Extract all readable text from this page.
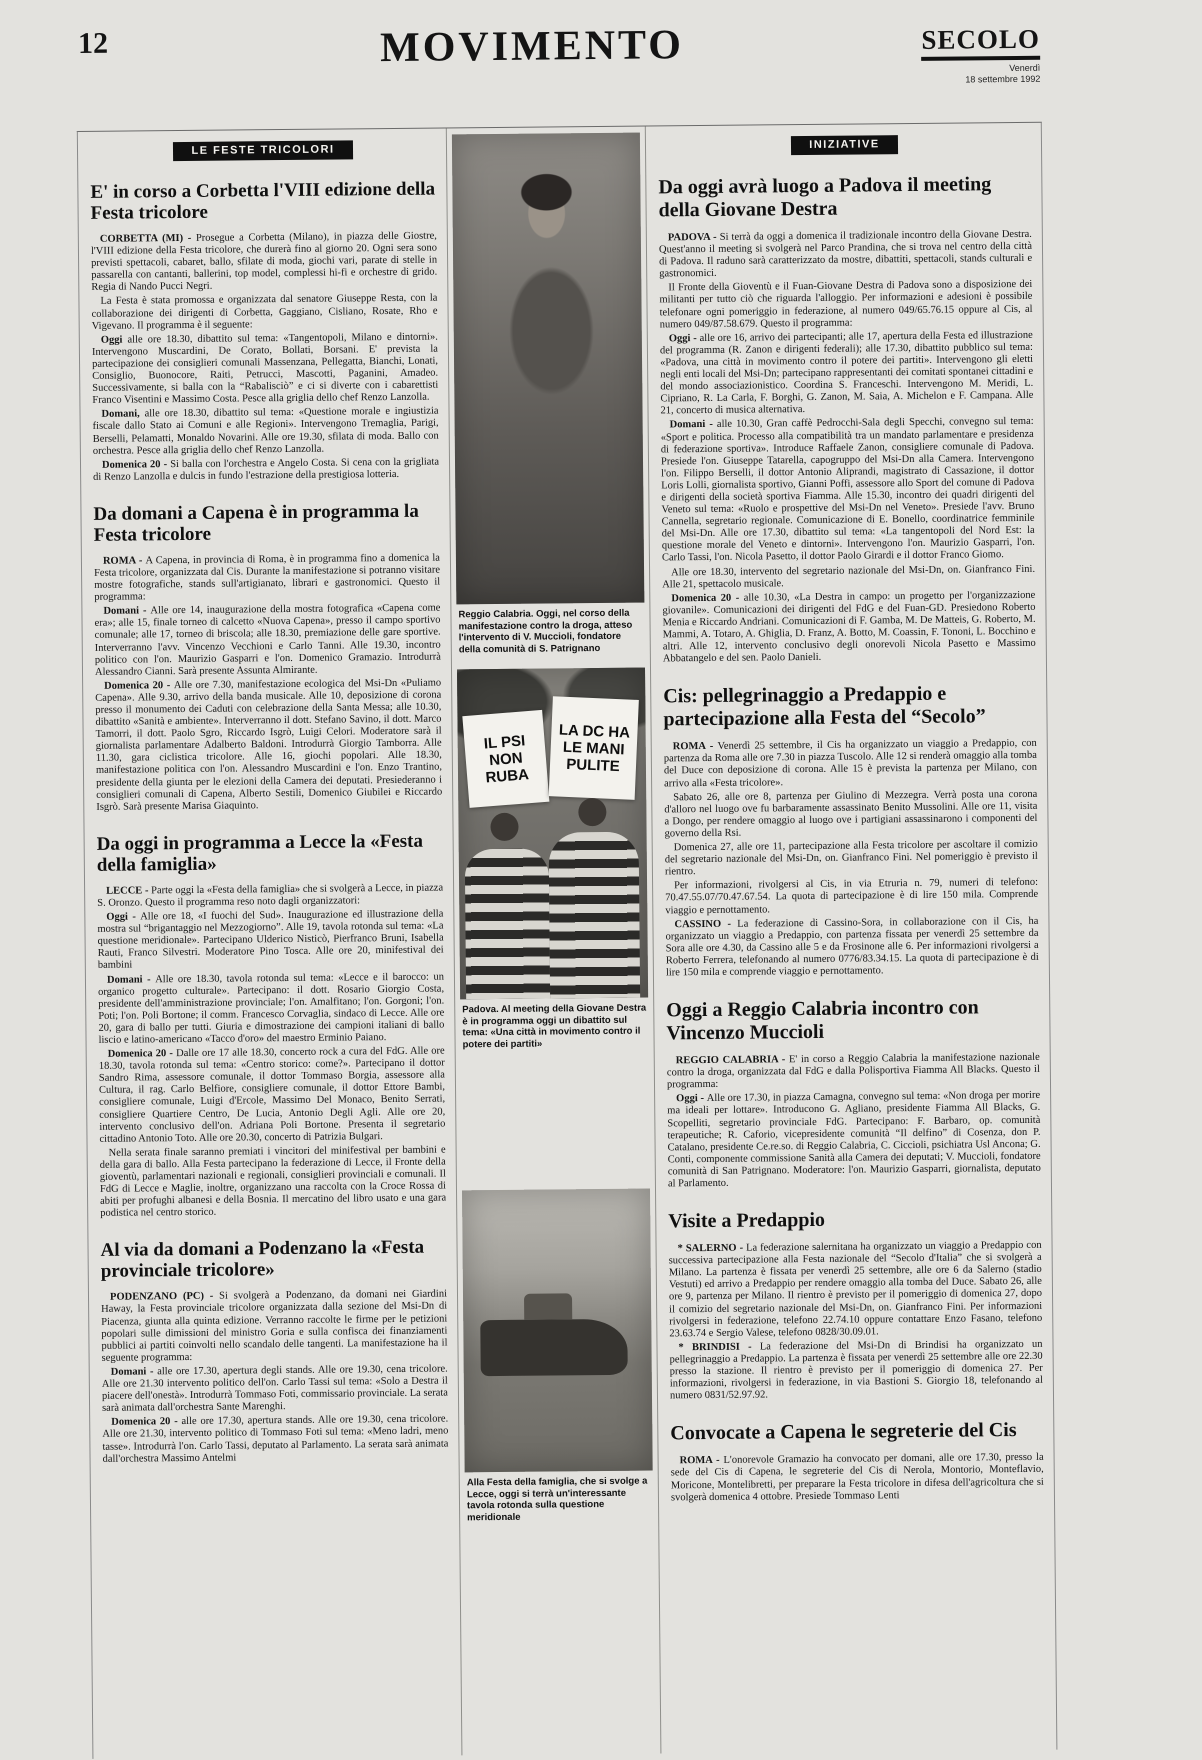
12	MOVIMENTO	SECOLO
Venerdì
18 settembre 1992
LE FESTE TRICOLORI
E' in corso a Corbetta l'VIII edizione della Festa tricolore

CORBETTA (MI) - Prosegue a Corbetta (Milano), in piazza delle Giostre, l'VIII edizione della Festa tricolore, che durerà fino al giorno 20. Ogni sera sono previsti spettacoli, cabaret, ballo, sfilate di moda, giochi vari, parate di stelle in passarella con cantanti, ballerini, top model, complessi hi-fi e orchestre di grido. Regia di Nando Pucci Negri.

La Festa è stata promossa e organizzata dal senatore Giuseppe Resta, con la collaborazione dei dirigenti di Corbetta, Gaggiano, Cisliano, Rosate, Rho e Vigevano. Il programma è il seguente:

Oggi alle ore 18.30, dibattito sul tema: «Tangentopoli, Milano e dintorni». Intervengono Muscardini, De Corato, Bollati, Borsani. E' prevista la partecipazione dei consiglieri comunali Massenzana, Pellegatta, Bianchi, Lonati, Consiglio, Buonocore, Raiti, Petrucci, Mascotti, Paganini, Amadeo. Successivamente, si balla con la “Rabalisciò” e ci si diverte con i cabarettisti Franco Visentini e Massimo Costa. Pesce alla griglia dello chef Renzo Lanzolla.

Domani, alle ore 18.30, dibattito sul tema: «Questione morale e ingiustizia fiscale dallo Stato ai Comuni e alle Regioni». Intervengono Tremaglia, Parigi, Berselli, Pelamatti, Monaldo Novarini. Alle ore 19.30, sfilata di moda. Ballo con orchestra. Pesce alla griglia dello chef Renzo Lanzolla.

Domenica 20 - Si balla con l'orchestra e Angelo Costa. Si cena con la grigliata di Renzo Lanzolla e dulcis in fundo l'estrazione della prestigiosa lotteria.

Da domani a Capena è in programma la Festa tricolore

ROMA - A Capena, in provincia di Roma, è in programma fino a domenica la Festa tricolore, organizzata dal Cis. Durante la manifestazione si potranno visitare mostre fotografiche, stands sull'artigianato, librari e gastronomici. Questo il programma:

Domani - Alle ore 14, inaugurazione della mostra fotografica «Capena come era»; alle 15, finale torneo di calcetto «Nuova Capena», presso il campo sportivo comunale; alle 17, torneo di briscola; alle 18.30, premiazione delle gare sportive. Interverranno l'avv. Vincenzo Vecchioni e Carlo Tanni. Alle 19.30, incontro politico con l'on. Maurizio Gasparri e l'on. Domenico Gramazio. Introdurrà Alessandro Cianni. Sarà presente Assunta Almirante.

Domenica 20 - Alle ore 7.30, manifestazione ecologica del Msi-Dn «Puliamo Capena». Alle 9.30, arrivo della banda musicale. Alle 10, deposizione di corona presso il monumento dei Caduti con celebrazione della Santa Messa; alle 10.30, dibattito «Sanità e ambiente». Interverranno il dott. Stefano Savino, il dott. Marco Tamorri, il dott. Paolo Sgro, Riccardo Isgrò, Luigi Celori. Moderatore sarà il giornalista parlamentare Adalberto Baldoni. Introdurrà Giorgio Tamborra. Alle 11.30, gara ciclistica tricolore. Alle 16, giochi popolari. Alle 18.30, manifestazione politica con l'on. Alessandro Muscardini e l'on. Enzo Trantino, presidente della giunta per le elezioni della Camera dei deputati. Presiederanno i consiglieri comunali di Capena, Alberto Sestili, Domenico Giubilei e Riccardo Isgrò. Sarà presente Marisa Giaquinto.

Da oggi in programma a Lecce la «Festa della famiglia»

LECCE - Parte oggi la «Festa della famiglia» che si svolgerà a Lecce, in piazza S. Oronzo. Questo il programma reso noto dagli organizzatori:

Oggi - Alle ore 18, «I fuochi del Sud». Inaugurazione ed illustrazione della mostra sul “brigantaggio nel Mezzogiorno”. Alle 19, tavola rotonda sul tema: «La questione meridionale». Partecipano Ulderico Nisticò, Pierfranco Bruni, Isabella Rauti, Franco Silvestri. Moderatore Pino Tosca. Alle ore 20, minifestival dei bambini

Domani - Alle ore 18.30, tavola rotonda sul tema: «Lecce e il barocco: un organico progetto culturale». Partecipano: il dott. Rosario Giorgio Costa, presidente dell'amministrazione provinciale; l'on. Amalfitano; l'on. Gorgoni; l'on. Poti; l'on. Poli Bortone; il comm. Francesco Corvaglia, sindaco di Lecce. Alle ore 20, gara di ballo per tutti. Giuria e dimostrazione dei campioni italiani di ballo liscio e latino-americano «Tacco d'oro» del maestro Erminio Paiano.

Domenica 20 - Dalle ore 17 alle 18.30, concerto rock a cura del FdG. Alle ore 18.30, tavola rotonda sul tema: «Centro storico: come?». Partecipano il dottor Sandro Rima, assessore comunale, il dottor Tommaso Borgia, assessore alla Cultura, il rag. Carlo Belfiore, consigliere comunale, il dottor Ettore Bambi, consigliere comunale, Luigi d'Ercole, Massimo Del Monaco, Benito Serrati, consigliere Quartiere Centro, De Lucia, Antonio Degli Agli. Alle ore 20, intervento conclusivo dell'on. Adriana Poli Bortone. Presenta il segretario cittadino Antonio Toto. Alle ore 20.30, concerto di Patrizia Bulgari.

Nella serata finale saranno premiati i vincitori del minifestival per bambini e della gara di ballo. Alla Festa partecipano la federazione di Lecce, il Fronte della gioventù, parlamentari nazionali e regionali, consiglieri provinciali e comunali. Il FdG di Lecce e Maglie, inoltre, organizzano una raccolta con la Croce Rossa di abiti per profughi albanesi e della Bosnia. Il mercatino del libro usato e una gara podistica nel centro storico.

Al via da domani a Podenzano la «Festa provinciale tricolore»

PODENZANO (PC) - Si svolgerà a Podenzano, da domani nei Giardini Haway, la Festa provinciale tricolore organizzata dalla sezione del Msi-Dn di Piacenza, giunta alla quinta edizione. Verranno raccolte le firme per le petizioni popolari sulle dimissioni del ministro Goria e sulla confisca dei finanziamenti pubblici ai partiti coinvolti nello scandalo delle tangenti. La manifestazione ha il seguente programma:

Domani - alle ore 17.30, apertura degli stands. Alle ore 19.30, cena tricolore. Alle ore 21.30 intervento politico dell'on. Carlo Tassi sul tema: «Solo a Destra il piacere dell'onestà». Introdurrà Tommaso Foti, commissario provinciale. La serata sarà animata dall'orchestra Sante Marenghi.

Domenica 20 - alle ore 17.30, apertura stands. Alle ore 19.30, cena tricolore. Alle ore 21.30, intervento politico di Tommaso Foti sul tema: «Meno ladri, meno tasse». Introdurrà l'on. Carlo Tassi, deputato al Parlamento. La serata sarà animata dall'orchestra Massimo Antelmi

Reggio Calabria. Oggi, nel corso della manifestazione contro la droga, atteso l'intervento di V. Muccioli, fondatore della comunità di S. Patrignano
IL PSI NON RUBA
LA DC HA LE MANI PULITE
Padova. Al meeting della Giovane Destra è in programma oggi un dibattito sul tema: «Una città in movimento contro il potere dei partiti»
Alla Festa della famiglia, che si svolge a Lecce, oggi si terrà un'interessante tavola rotonda sulla questione meridionale
INIZIATIVE
Da oggi avrà luogo a Padova il meeting della Giovane Destra

PADOVA - Si terrà da oggi a domenica il tradizionale incontro della Giovane Destra. Quest'anno il meeting si svolgerà nel Parco Prandina, che si trova nel centro della città di Padova. Il raduno sarà caratterizzato da mostre, dibattiti, spettacoli, stands culturali e gastronomici.

Il Fronte della Gioventù e il Fuan-Giovane Destra di Padova sono a disposizione dei militanti per tutto ciò che riguarda l'alloggio. Per informazioni e adesioni è possibile telefonare ogni pomeriggio in federazione, al numero 049/65.76.15 oppure al Cis, al numero 049/87.58.679. Questo il programma:

Oggi - alle ore 16, arrivo dei partecipanti; alle 17, apertura della Festa ed illustrazione del programma (R. Zanon e dirigenti federali); alle 17.30, dibattito pubblico sul tema: «Padova, una città in movimento contro il potere dei partiti». Intervengono gli eletti negli enti locali del Msi-Dn; partecipano rappresentanti dei comitati spontanei cittadini e del mondo associazionistico. Coordina S. Franceschi. Intervengono M. Meridi, L. Cipriano, R. La Carla, F. Borghi, G. Zanon, M. Saia, A. Michelon e F. Campana. Alle 21, concerto di musica alternativa.

Domani - alle 10.30, Gran caffè Pedrocchi-Sala degli Specchi, convegno sul tema: «Sport e politica. Processo alla compatibilità tra un mandato parlamentare e presidenza di federazione sportiva». Introduce Raffaele Zanon, consigliere comunale di Padova. Presiede l'on. Giuseppe Tatarella, capogruppo del Msi-Dn alla Camera. Intervengono l'on. Filippo Berselli, il dottor Antonio Aliprandi, magistrato di Cassazione, il dottor Loris Lolli, giornalista sportivo, Gianni Poffi, assessore allo Sport del comune di Padova e dirigenti della società sportiva Fiamma. Alle 15.30, incontro dei quadri dirigenti del Veneto sul tema: «Ruolo e prospettive del Msi-Dn nel Veneto». Presiede l'avv. Bruno Cannella, segretario regionale. Comunicazione di E. Bonello, coordinatrice femminile del Msi-Dn. Alle ore 17.30, dibattito sul tema: «La tangentopoli del Nord Est: la questione morale del Veneto e dintorni». Intervengono l'on. Maurizio Gasparri, l'on. Carlo Tassi, l'on. Nicola Pasetto, il dottor Paolo Girardi e il dottor Franco Giomo.

Alle ore 18.30, intervento del segretario nazionale del Msi-Dn, on. Gianfranco Fini. Alle 21, spettacolo musicale.

Domenica 20 - alle 10.30, «La Destra in campo: un progetto per l'organizzazione giovanile». Comunicazioni dei dirigenti del FdG e del Fuan-GD. Presiedono Roberto Menia e Riccardo Andriani. Comunicazioni di F. Gamba, M. De Matteis, G. Roberto, M. Mammi, A. Totaro, A. Ghiglia, D. Franz, A. Botto, M. Coassin, F. Tononi, L. Bocchino e altri. Alle 12, intervento conclusivo degli onorevoli Nicola Pasetto e Massimo Abbatangelo e del sen. Paolo Danieli.

Cis: pellegrinaggio a Predappio e partecipazione alla Festa del “Secolo”

ROMA - Venerdì 25 settembre, il Cis ha organizzato un viaggio a Predappio, con partenza da Roma alle ore 7.30 in piazza Tuscolo. Alle 12 si renderà omaggio alla tomba del Duce con deposizione di corona. Alle 15 è prevista la partenza per Milano, con arrivo alla «Festa tricolore».

Sabato 26, alle ore 8, partenza per Giulino di Mezzegra. Verrà posta una corona d'alloro nel luogo ove fu barbaramente assassinato Benito Mussolini. Alle ore 11, visita a Dongo, per rendere omaggio al luogo ove i partigiani assassinarono i componenti del governo della Rsi.

Domenica 27, alle ore 11, partecipazione alla Festa tricolore per ascoltare il comizio del segretario nazionale del Msi-Dn, on. Gianfranco Fini. Nel pomeriggio è previsto il rientro.

Per informazioni, rivolgersi al Cis, in via Etruria n. 79, numeri di telefono: 70.47.55.07/70.47.67.54. La quota di partecipazione è di lire 150 mila. Comprende viaggio e pernottamento.

CASSINO - La federazione di Cassino-Sora, in collaborazione con il Cis, ha organizzato un viaggio a Predappio, con partenza fissata per venerdì 25 settembre da Sora alle ore 4.30, da Cassino alle 5 e da Frosinone alle 6. Per informazioni rivolgersi a Roberto Ferrera, telefonando al numero 0776/83.34.15. La quota di partecipazione è di lire 150 mila e comprende viaggio e pernottamento.

Oggi a Reggio Calabria incontro con Vincenzo Muccioli

REGGIO CALABRIA - E' in corso a Reggio Calabria la manifestazione nazionale contro la droga, organizzata dal FdG e dalla Polisportiva Fiamma All Blacks. Questo il programma:

Oggi - Alle ore 17.30, in piazza Camagna, convegno sul tema: «Non droga per morire ma ideali per lottare». Introducono G. Agliano, presidente Fiamma All Blacks, G. Scopelliti, segretario provinciale FdG. Partecipano: F. Barbaro, op. comunità terapeutiche; R. Caforio, vicepresidente comunità “Il delfino” di Cosenza, don P. Catalano, presidente Ce.re.so. di Reggio Calabria, C. Ciccioli, psichiatra Usl Ancona; G. Conti, componente commissione Sanità alla Camera dei deputati; V. Muccioli, fondatore comunità di San Patrignano. Moderatore: l'on. Maurizio Gasparri, giornalista, deputato al Parlamento.

Visite a Predappio

* SALERNO - La federazione salernitana ha organizzato un viaggio a Predappio con successiva partecipazione alla Festa nazionale del “Secolo d'Italia” che si svolgerà a Milano. La partenza è fissata per venerdì 25 settembre, alle ore 6 da Salerno (stadio Vestuti) ed arrivo a Predappio per rendere omaggio alla tomba del Duce. Sabato 26, alle ore 9, partenza per Milano. Il rientro è previsto per il pomeriggio di domenica 27, dopo il comizio del segretario nazionale del Msi-Dn, on. Gianfranco Fini. Per informazioni rivolgersi in federazione, telefono 22.74.10 oppure contattare Enzo Fasano, telefono 23.63.74 e Sergio Valese, telefono 0828/30.09.01.

* BRINDISI - La federazione del Msi-Dn di Brindisi ha organizzato un pellegrinaggio a Predappio. La partenza è fissata per venerdì 25 settembre alle ore 22.30 presso la stazione. Il rientro è previsto per il pomeriggio di domenica 27. Per informazioni, rivolgersi in federazione, in via Bastioni S. Giorgio 18, telefonando al numero 0831/52.97.92.

Convocate a Capena le segreterie del Cis

ROMA - L'onorevole Gramazio ha convocato per domani, alle ore 17.30, presso la sede del Cis di Capena, le segreterie del Cis di Nerola, Montorio, Monteflavio, Moricone, Montelibretti, per preparare la Festa tricolore in difesa dell'agricoltura che si svolgerà domenica 4 ottobre. Presiede Tommaso Lenti
